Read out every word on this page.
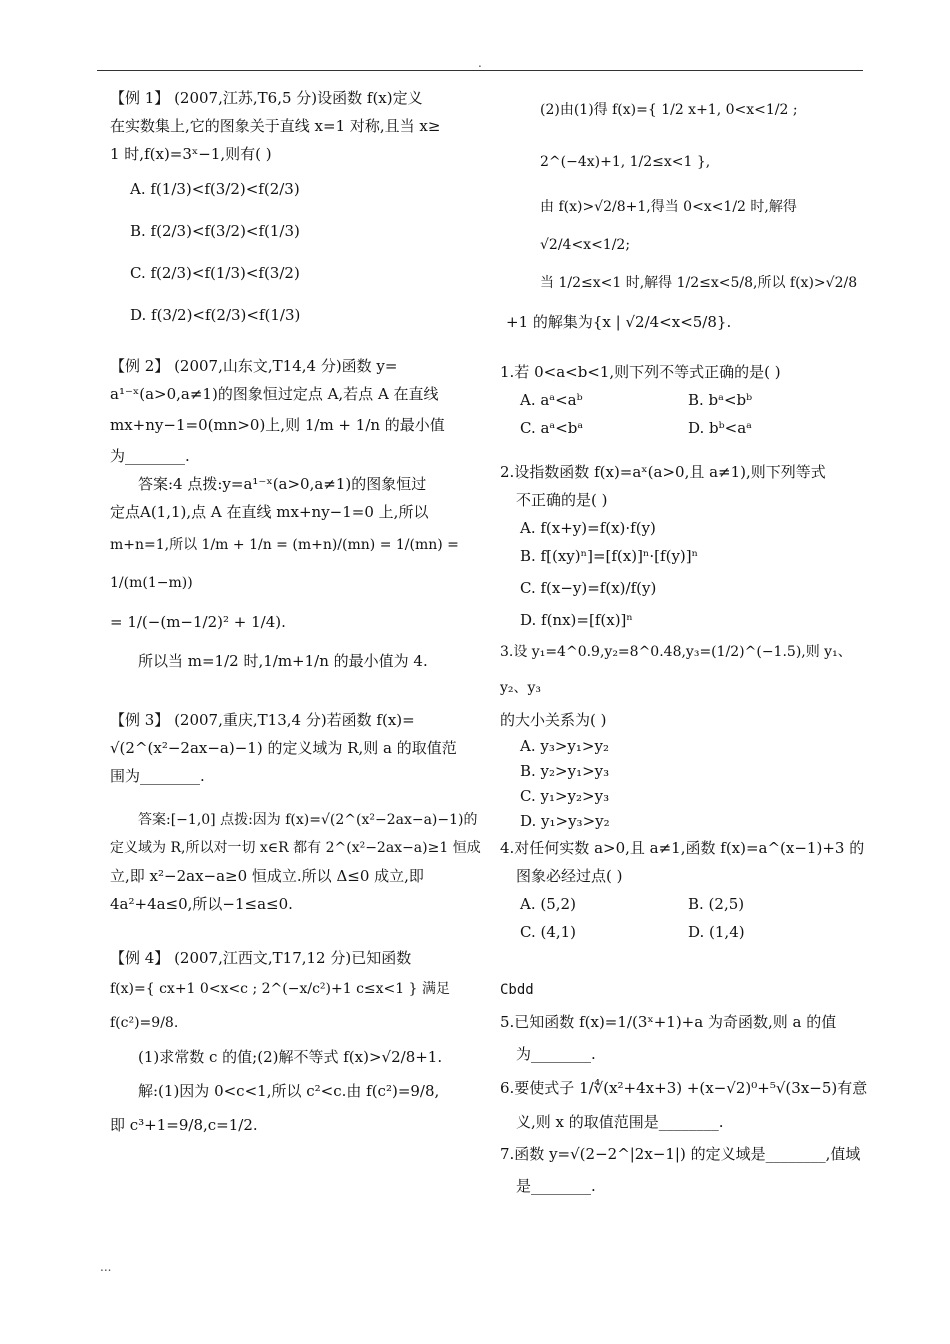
.

【例 1】 (2007,江苏,T6,5 分)设函数 f(x)定义

在实数集上,它的图象关于直线 x=1 对称,且当 x≥

1 时,f(x)=3ˣ−1,则有( )

A. f(1/3)<f(3/2)<f(2/3)

B. f(2/3)<f(3/2)<f(1/3)

C. f(2/3)<f(1/3)<f(3/2)

D. f(3/2)<f(2/3)<f(1/3)

【例 2】 (2007,山东文,T14,4 分)函数 y=

a¹⁻ˣ(a>0,a≠1)的图象恒过定点 A,若点 A 在直线

mx+ny−1=0(mn>0)上,则 1/m + 1/n 的最小值

为________.

答案:4 点拨:y=a¹⁻ˣ(a>0,a≠1)的图象恒过

定点A(1,1),点 A 在直线 mx+ny−1=0 上,所以

m+n=1,所以 1/m + 1/n = (m+n)/(mn) = 1/(mn) = 1/(m(1−m))

= 1/(−(m−1/2)² + 1/4).

所以当 m=1/2 时,1/m+1/n 的最小值为 4.

【例 3】 (2007,重庆,T13,4 分)若函数 f(x)=

√(2^(x²−2ax−a)−1) 的定义域为 R,则 a 的取值范

围为________.

答案:[−1,0] 点拨:因为 f(x)=√(2^(x²−2ax−a)−1)的

定义域为 R,所以对一切 x∈R 都有 2^(x²−2ax−a)≥1 恒成

立,即 x²−2ax−a≥0 恒成立.所以 Δ≤0 成立,即

4a²+4a≤0,所以−1≤a≤0.

【例 4】 (2007,江西文,T17,12 分)已知函数

f(x)={ cx+1 0<x<c ; 2^(−x/c²)+1 c≤x<1 } 满足 f(c²)=9/8.

(1)求常数 c 的值;(2)解不等式 f(x)>√2/8+1.

解:(1)因为 0<c<1,所以 c²<c.由 f(c²)=9/8,

即 c³+1=9/8,c=1/2.

(2)由(1)得 f(x)={ 1/2 x+1, 0<x<1/2 ; 2^(−4x)+1, 1/2≤x<1 },

由 f(x)>√2/8+1,得当 0<x<1/2 时,解得√2/4<x<1/2;

当 1/2≤x<1 时,解得 1/2≤x<5/8,所以 f(x)>√2/8

+1 的解集为{x | √2/4<x<5/8}.

1.若 0<a<b<1,则下列不等式正确的是( )

A. aᵃ<aᵇ	B. bᵃ<bᵇ
C. aᵃ<bᵃ	D. bᵇ<aᵃ

2.设指数函数 f(x)=aˣ(a>0,且 a≠1),则下列等式

不正确的是( )

A. f(x+y)=f(x)·f(y)

B. f[(xy)ⁿ]=[f(x)]ⁿ·[f(y)]ⁿ

C. f(x−y)=f(x)/f(y)

D. f(nx)=[f(x)]ⁿ

3.设 y₁=4^0.9,y₂=8^0.48,y₃=(1/2)^(−1.5),则 y₁、y₂、y₃

的大小关系为( )

A. y₃>y₁>y₂

B. y₂>y₁>y₃

C. y₁>y₂>y₃

D. y₁>y₃>y₂

4.对任何实数 a>0,且 a≠1,函数 f(x)=a^(x−1)+3 的

图象必经过点( )

A. (5,2)	B. (2,5)
C. (4,1)	D. (1,4)

Cbdd

5.已知函数 f(x)=1/(3ˣ+1)+a 为奇函数,则 a 的值

为________.

6.要使式子 1/∜(x²+4x+3) +(x−√2)⁰+⁵√(3x−5)有意

义,则 x 的取值范围是________.

7.函数 y=√(2−2^|2x−1|) 的定义域是________,值域

是________.

...
